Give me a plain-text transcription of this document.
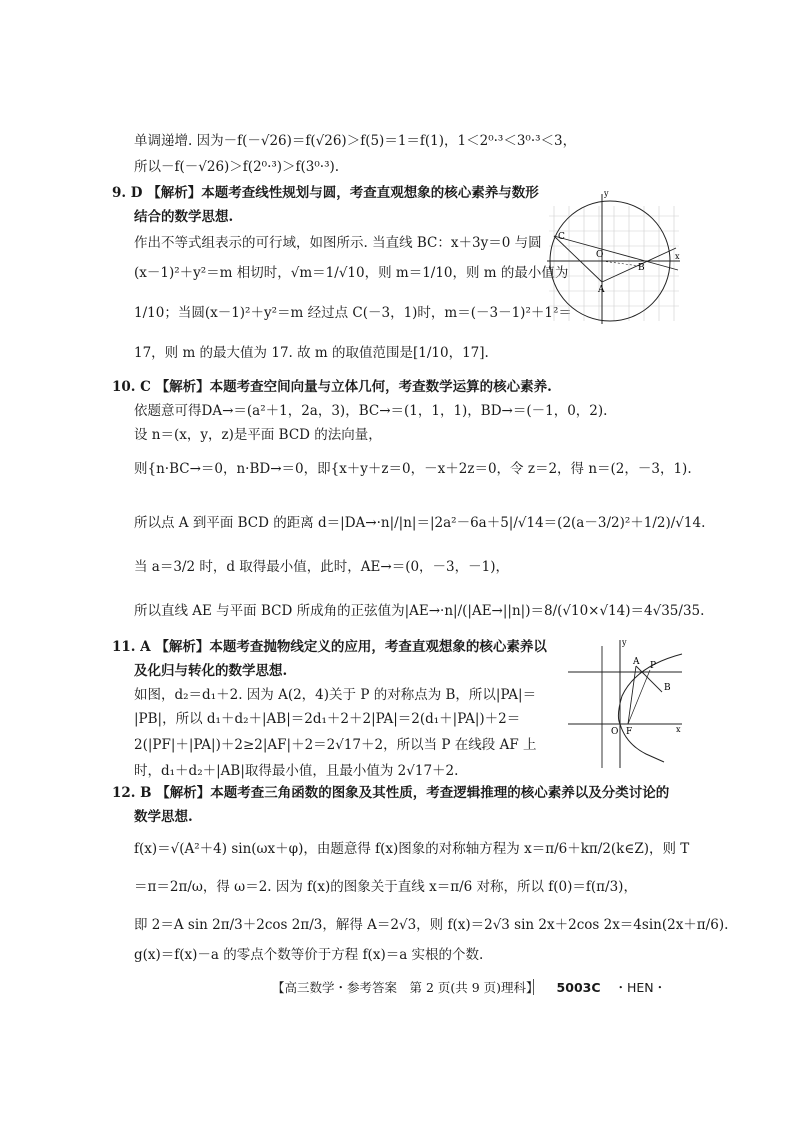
单调递增. 因为－f(－√26)＝f(√26)＞f(5)＝1＝f(1)，1＜2⁰·³＜3⁰·³＜3，
所以－f(－√26)＞f(2⁰·³)＞f(3⁰·³).
9. D 【解析】本题考查线性规划与圆，考查直观想象的核心素养与数形
结合的数学思想.
作出不等式组表示的可行域，如图所示. 当直线 BC：x＋3y＝0 与圆
(x－1)²＋y²＝m 相切时，√m＝1/√10，则 m＝1/10，则 m 的最小值为
1/10；当圆(x－1)²＋y²＝m 经过点 C(－3，1)时，m＝(－3－1)²＋1²＝
17，则 m 的最大值为 17. 故 m 的取值范围是[1/10，17].
y
x
C
O
B
A
10. C 【解析】本题考查空间向量与立体几何，考查数学运算的核心素养.
依题意可得DA→＝(a²＋1，2a，3)，BC→＝(1，1，1)，BD→＝(－1，0，2).
设 n＝(x，y，z)是平面 BCD 的法向量，
则{n·BC→＝0，n·BD→＝0，即{x＋y＋z＝0，－x＋2z＝0，令 z＝2，得 n＝(2，－3，1).
所以点 A 到平面 BCD 的距离 d＝|DA→·n|/|n|＝|2a²－6a＋5|/√14＝(2(a－3/2)²＋1/2)/√14.
当 a＝3/2 时，d 取得最小值，此时，AE→＝(0，－3，－1)，
所以直线 AE 与平面 BCD 所成角的正弦值为|AE→·n|/(|AE→||n|)＝8/(√10×√14)＝4√35/35.
11. A 【解析】本题考查抛物线定义的应用，考查直观想象的核心素养以
及化归与转化的数学思想.
如图，d₂＝d₁＋2. 因为 A(2，4)关于 P 的对称点为 B，所以|PA|＝
|PB|，所以 d₁＋d₂＋|AB|＝2d₁＋2＋2|PA|＝2(d₁＋|PA|)＋2＝
2(|PF|＋|PA|)＋2≥2|AF|＋2＝2√17＋2，所以当 P 在线段 AF 上
时，d₁＋d₂＋|AB|取得最小值，且最小值为 2√17＋2.
y
x
A P
B
O F
12. B 【解析】本题考查三角函数的图象及其性质，考查逻辑推理的核心素养以及分类讨论的
数学思想.
f(x)＝√(A²＋4) sin(ωx＋φ)，由题意得 f(x)图象的对称轴方程为 x＝π/6＋kπ/2(k∈Z)，则 T
＝π＝2π/ω，得 ω＝2. 因为 f(x)的图象关于直线 x＝π/6 对称，所以 f(0)＝f(π/3)，
即 2＝A sin 2π/3＋2cos 2π/3，解得 A＝2√3，则 f(x)＝2√3 sin 2x＋2cos 2x＝4sin(2x＋π/6).
g(x)＝f(x)－a 的零点个数等价于方程 f(x)＝a 实根的个数.
【高三数学・参考答案　第 2 页(共 9 页)理科】 5003C ・HEN・
